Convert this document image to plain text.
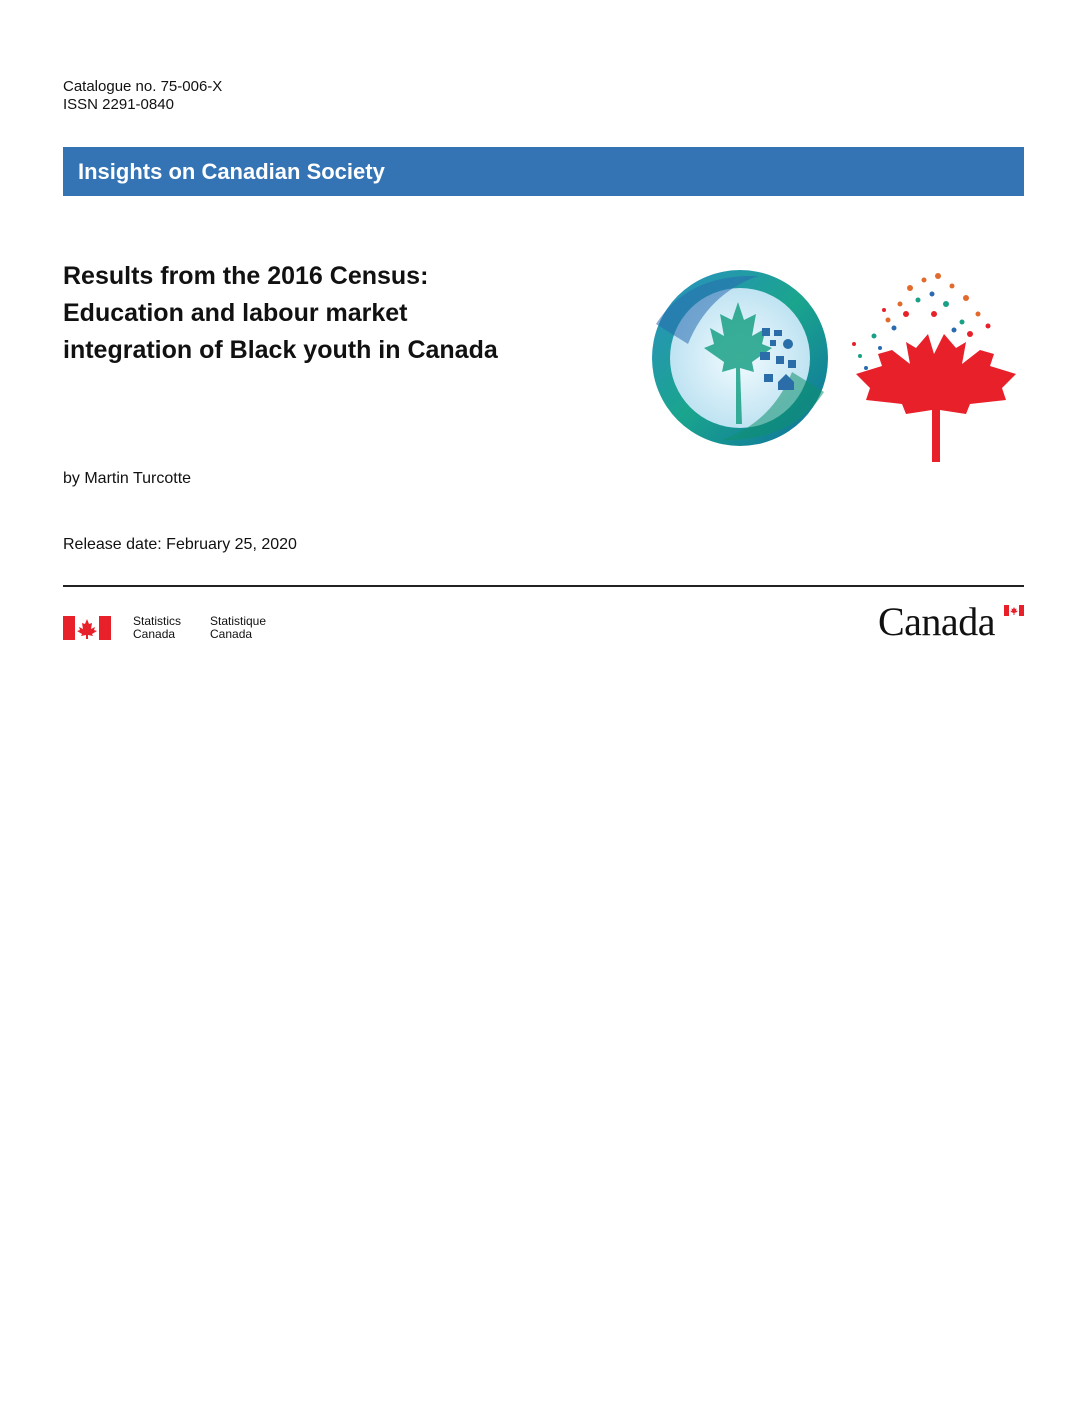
Catalogue no. 75-006-X
ISSN 2291-0840
Insights on Canadian Society
Results from the 2016 Census:
Education and labour market
integration of Black youth in Canada
by Martin Turcotte
Release date: February 25, 2020
Statistics
Canada
Statistique
Canada	Canada
